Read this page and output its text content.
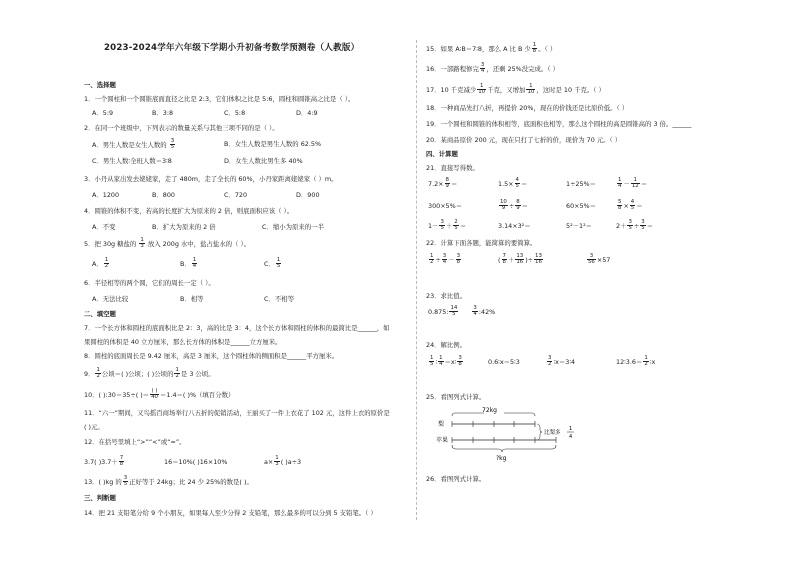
2023-2024学年六年级下学期小升初备考数学预测卷（人教版）
一、选择题
1．一个圆柱和一个圆锥底面直径之比是 2:3，它们体积之比是 5:6，圆柱和圆锥高之比是（ ）。
A．5:9	B．3:8	C．5:8	D．4:9
2．在同一个班级中，下列表示的数量关系与其他三项不同的是（ ）。
A．男生人数是女生人数的 $\frac{3}{5}$	B．女生人数是男生人数的 62.5%
C．男生人数∶全班人数＝3∶8	D．女生人数比男生多 40%
3．小丹从家出发去姥姥家，走了 480m，走了全长的 60%，小丹家距离姥姥家（ ）m。
A．1200	B．800	C．720	D．900
4．圆锥的体积不变，若高的长度扩大为原来的 2 倍，则底面积应该（ ）。
A．不变	B．扩大为原来的 2 倍	C．缩小为原来的一半
5．把 30g 糖盐的 $\frac{1}{3}$ 放入 200g 水中，盐占盐水的（ ）。
A． $\frac{1}{2}$	B． $\frac{1}{4}$	C． $\frac{1}{5}$
6．半径相等的两个圆，它们的周长一定（ ）。
A．无法比较	B．相等	C．不相等
二、填空题
7．一个长方体和圆柱的底面积比是 2：3，高的比是 3：4，这个长方体和圆柱的体积的最简比是______，如
果圆柱的体积是 40 立方厘米，那么长方体的体积是______立方厘米。
8．圆柱的底面周长是 9.42 厘米，高是 3 厘米，这个圆柱体的侧面积是______平方厘米。
9． $\frac{1}{2}$ 公顷＝( )公顷；( )公顷的 $\frac{1}{2}$ 是 3 公顷。
10．( ):30＝35÷( )＝ $\frac{( )}{40} =1.4=$( )%（填百分数）
11．“六一”期间，又鸟摇百商场举行八五折的促销活动，王丽买了一件上衣花了 102 元，这件上衣的原价是
( )元。
12．在括号里填上“>”“<”或“=”。
3.7( )$3.7+ \frac{7}{8}$	16＝10%( )16×10%	$a\times \frac{1}{3}$ ( )a÷3
13．( )kg 的 $\frac{3}{5}$ 正好等于 24kg；比 24 少 25%的数是( )。
三、判断题
14．把 21 支铅笔分给 9 个小朋友，如果每人至少分得 2 支铅笔，那么最多的可以分到 5 支铅笔。（ ）
15．如果 A∶B＝7∶8，那么 A 比 B 少 $\frac{1}{8}$ 。（ ）
16．一部路程修完 $\frac{3}{4}$ ，还剩 25%没完成。（ ）
17．10 千克减少 $\frac{1}{10}$ 千克，又增加 $\frac{1}{10}$ ，这时是 10 千克。（ ）
18．一种商品先打八折，再提价 20%，现在的价钱还是比原价低。（ ）
19．一个圆柱和圆锥的体积相等，底面积也相等，那么这个圆柱的高是圆锥高的 3 倍。______
20．某商品原价 200 元，现在只打了七折的价，现价为 70 元。（ ）
四、计算题
21．直接写得数。
$7.2\times \frac{8}{9}$ ＝	$1.5\times \frac{4}{5}$ ＝	1÷25%＝	$\frac{1}{4} - \frac{1}{12}$ ＝
300×5%＝	$\frac{10}{9} \div \frac{8}{9}$ ＝	60×5%＝	$\frac{5}{8} \times \frac{4}{5}$ ＝
$1- \frac{3}{5} + \frac{2}{5}$ ＝	3.14×3²＝	5²－1²＝	$2+ \frac{3}{5} \div \frac{3}{5}$ ＝
22．计算下面各题，能简算的要简算。
$\frac{1}{2} \div \frac{3}{4} - \frac{3}{8}$	( $\frac{7}{8} + \frac{13}{16}$ )÷ $\frac{13}{16}$	$\frac{3}{56} \times 57$
23．求比值。
0.875: $\frac{14}{5}$
	$\frac{3}{4}$ :42%
24．解比例。
$\frac{1}{5}$ ∶ $\frac{1}{4}$ ＝x∶ $\frac{3}{8}$	0.6∶x＝5∶3	$\frac{3}{2}$ ∶x＝3∶4	12∶3.6＝ $\frac{1}{2}$ ∶x
25．看图列式计算。
72kg
梨
苹果
比梨多
1
4
?kg
26．看图列式计算。
